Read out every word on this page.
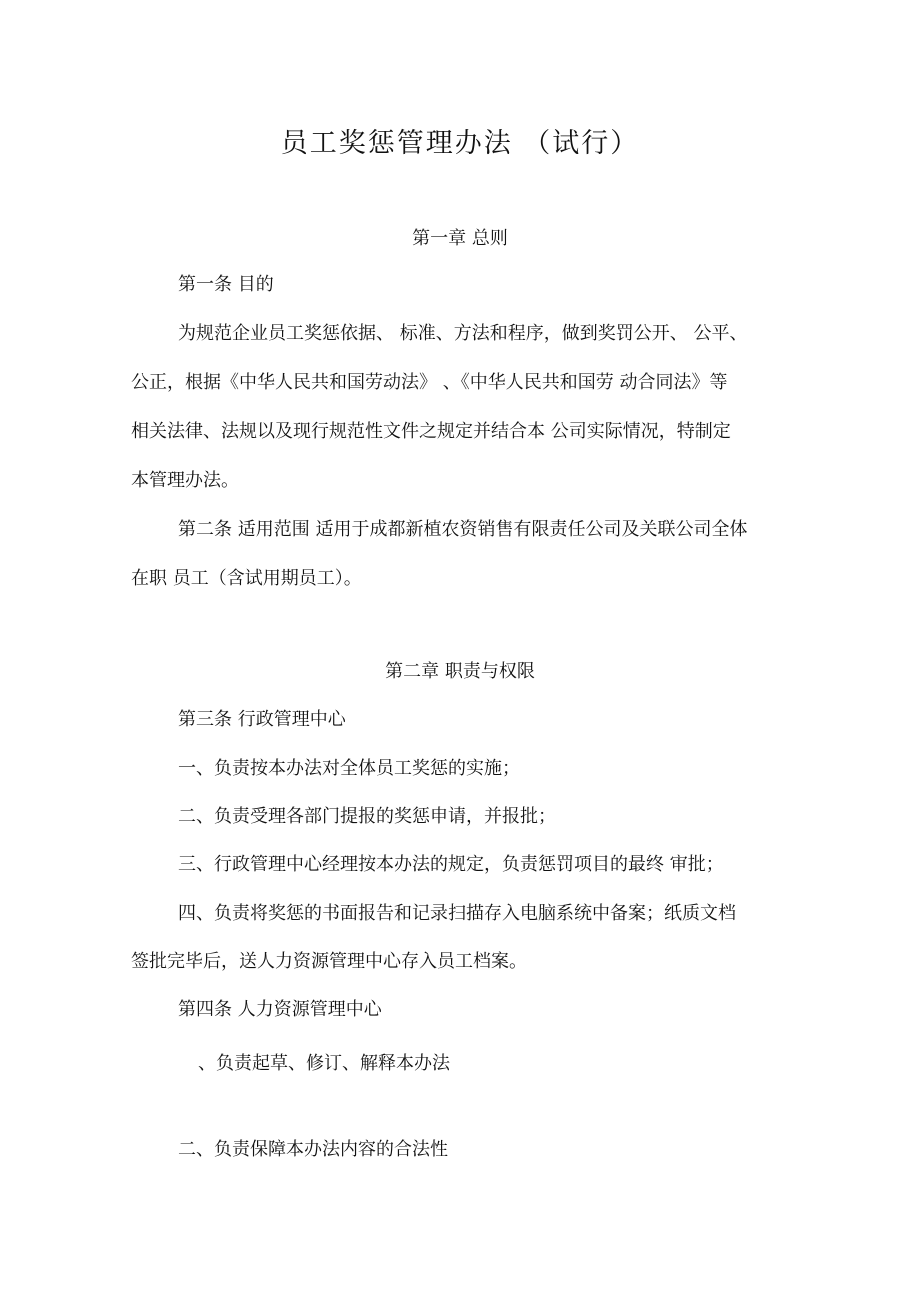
员工奖惩管理办法 （试行）
第一章 总则
第一条 目的
为规范企业员工奖惩依据、 标准、方法和程序，做到奖罚公开、 公平、
公正，根据《中华人民共和国劳动法》 、《中华人民共和国劳 动合同法》等
相关法律、法规以及现行规范性文件之规定并结合本 公司实际情况，特制定
本管理办法。
第二条 适用范围 适用于成都新植农资销售有限责任公司及关联公司全体
在职 员工（含试用期员工）。
第二章 职责与权限
第三条 行政管理中心
一、负责按本办法对全体员工奖惩的实施；
二、负责受理各部门提报的奖惩申请，并报批；
三、行政管理中心经理按本办法的规定，负责惩罚项目的最终 审批；
四、负责将奖惩的书面报告和记录扫描存入电脑系统中备案；纸质文档
签批完毕后，送人力资源管理中心存入员工档案。
第四条 人力资源管理中心
、负责起草、修订、解释本办法
二、负责保障本办法内容的合法性
